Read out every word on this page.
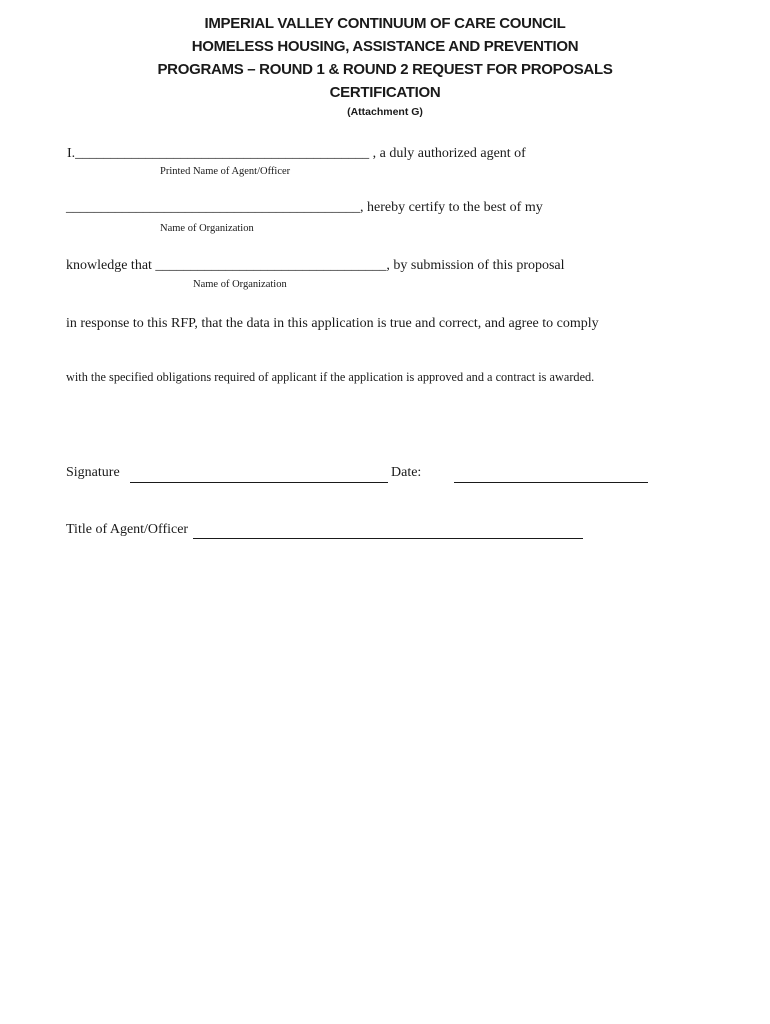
IMPERIAL VALLEY CONTINUUM OF CARE COUNCIL
HOMELESS HOUSING, ASSISTANCE AND PREVENTION
PROGRAMS – ROUND 1 & ROUND 2 REQUEST FOR PROPOSALS
CERTIFICATION
(Attachment G)
I.__________________________________________ , a duly authorized agent of
Printed Name of Agent/Officer
__________________________________________, hereby certify to the best of my
Name of Organization
knowledge that _________________________________, by submission of this proposal
Name of Organization
in response to this RFP, that the data in this application is true and correct, and agree to comply
with the specified obligations required of applicant if the application is approved and a contract is awarded.
Signature	Date:
Title of Agent/Officer
